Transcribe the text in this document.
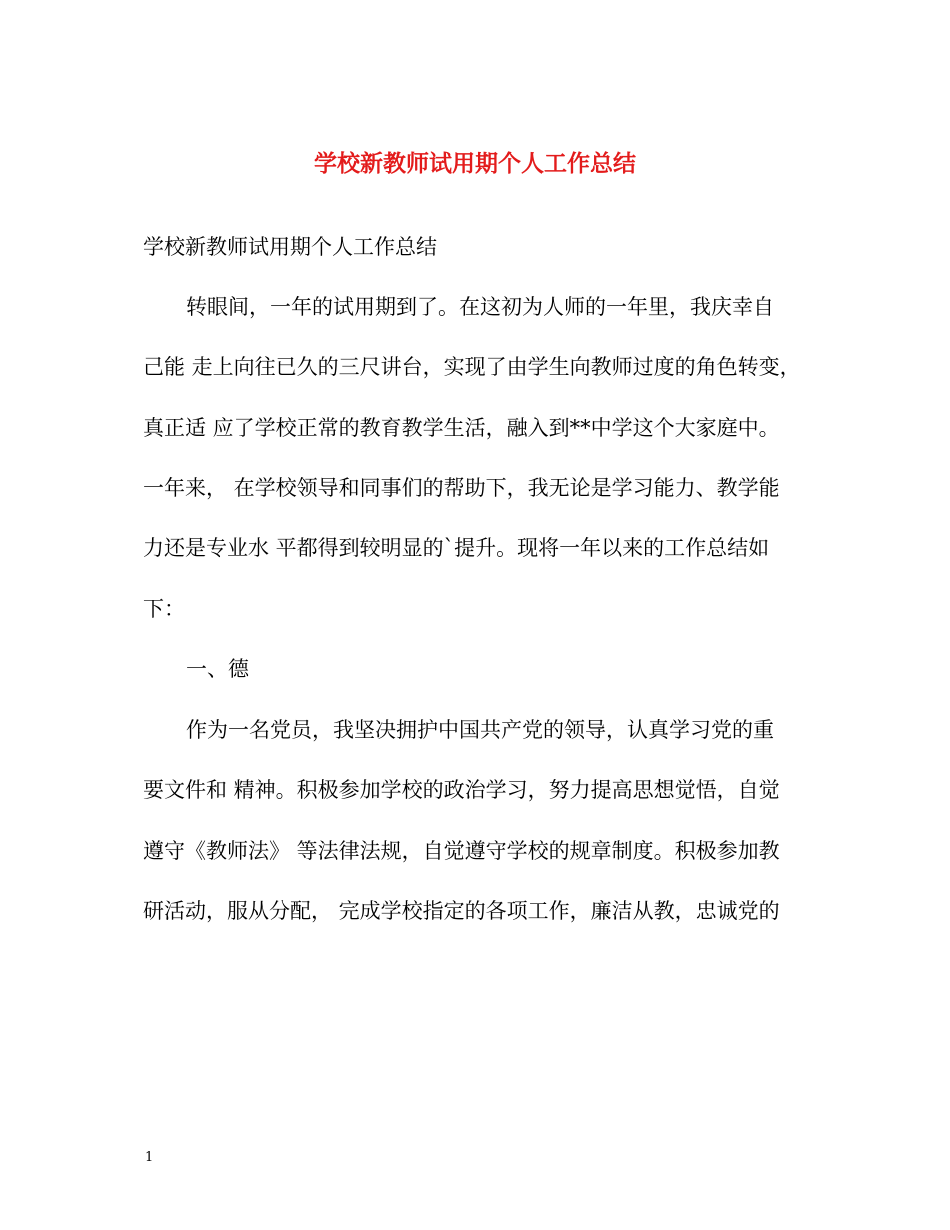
学校新教师试用期个人工作总结
学校新教师试用期个人工作总结
转眼间，一年的试用期到了。在这初为人师的一年里，我庆幸自
己能 走上向往已久的三尺讲台，实现了由学生向教师过度的角色转变，
真正适 应了学校正常的教育教学生活，融入到**中学这个大家庭中。
一年来， 在学校领导和同事们的帮助下，我无论是学习能力、教学能
力还是专业水 平都得到较明显的`提升。现将一年以来的工作总结如
下：
一、德
作为一名党员，我坚决拥护中国共产党的领导，认真学习党的重
要文件和 精神。积极参加学校的政治学习，努力提高思想觉悟，自觉
遵守《教师法》 等法律法规，自觉遵守学校的规章制度。积极参加教
研活动，服从分配， 完成学校指定的各项工作，廉洁从教，忠诚党的
1
